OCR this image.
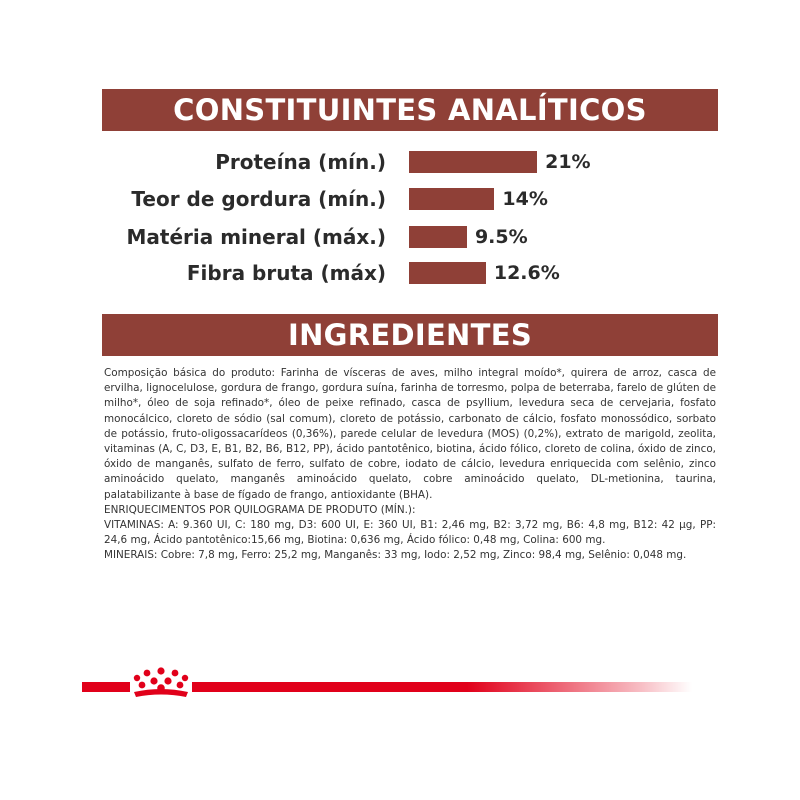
CONSTITUINTES ANALÍTICOS
Proteína (mín.)	21%
Teor de gordura (mín.)	14%
Matéria mineral (máx.)	9.5%
Fibra bruta (máx)	12.6%
INGREDIENTES

Composição básica do produto: Farinha de vísceras de aves, milho integral moído*, quirera de arroz, casca de ervilha, lignocelulose, gordura de frango, gordura suína, farinha de torresmo, polpa de beterraba, farelo de glúten de milho*, óleo de soja refinado*, óleo de peixe refinado, casca de psyllium, levedura seca de cervejaria, fosfato monocálcico, cloreto de sódio (sal comum), cloreto de potássio, carbonato de cálcio, fosfato monossódico, sorbato de potássio, fruto-oligossacarídeos (0,36%), parede celular de levedura (MOS) (0,2%), extrato de marigold, zeolita, vitaminas (A, C, D3, E, B1, B2, B6, B12, PP), ácido pantotênico, biotina, ácido fólico, cloreto de colina, óxido de zinco, óxido de manganês, sulfato de ferro, sulfato de cobre, iodato de cálcio, levedura enriquecida com selênio, zinco aminoácido quelato, manganês aminoácido quelato, cobre aminoácido quelato, DL-metionina, taurina, palatabilizante à base de fígado de frango, antioxidante (BHA).

ENRIQUECIMENTOS POR QUILOGRAMA DE PRODUTO (MÍN.):

VITAMINAS: A: 9.360 UI, C: 180 mg, D3: 600 UI, E: 360 UI, B1: 2,46 mg, B2: 3,72 mg, B6: 4,8 mg, B12: 42 µg, PP: 24,6 mg, Ácido pantotênico:15,66 mg, Biotina: 0,636 mg, Ácido fólico: 0,48 mg, Colina: 600 mg.

MINERAIS: Cobre: 7,8 mg, Ferro: 25,2 mg, Manganês: 33 mg, Iodo: 2,52 mg, Zinco: 98,4 mg, Selênio: 0,048 mg.
